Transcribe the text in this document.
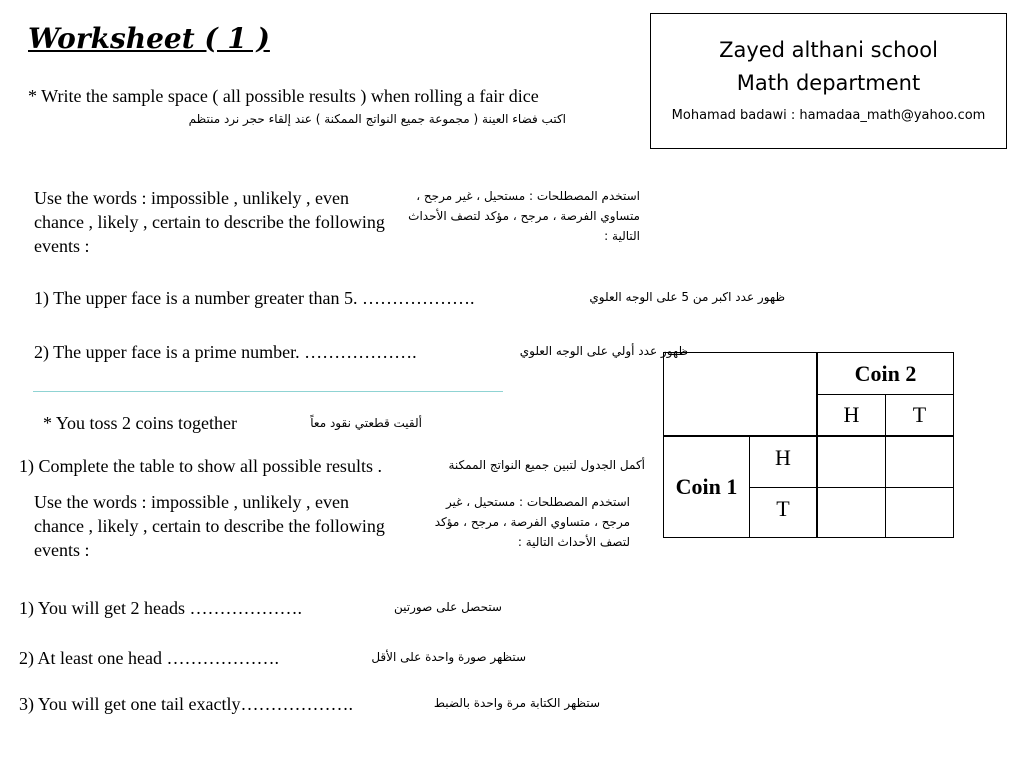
Worksheet ( 1 )
* Write the sample space ( all possible results ) when rolling a fair dice
اكتب فضاء العينة ( مجموعة جميع النواتج الممكنة ) عند إلقاء حجر نرد منتظم
Zayed althani school
Math department
Mohamad badawi : hamadaa_math@yahoo.com
Use the words : impossible , unlikely , even chance , likely , certain to describe the following events :
استخدم المصطلحات : مستحيل ، غير مرجح ، متساوي الفرصة ، مرجح ، مؤكد لتصف الأحداث التالية :
1) The upper face is a number greater than 5. ……………….	ظهور عدد اكبر من 5 على الوجه العلوي
2) The upper face is a prime number. ……………….	ظهور عدد أولي على الوجه العلوي
* You toss 2 coins together	ألقيت قطعتي نقود معاً
1) Complete the table to show all possible results .	أكمل الجدول لتبين جميع النواتج الممكنة
Use the words : impossible , unlikely , even chance , likely , certain to describe the following events :
استخدم المصطلحات : مستحيل ، غير مرجح ، متساوي الفرصة ، مرجح ، مؤكد لتصف الأحداث التالية :
1) You will get 2 heads ……………….	ستحصل على صورتين
2) At least one head ……………….	ستظهر صورة واحدة على الأقل
3) You will get one tail exactly……………….	ستظهر الكتابة مرة واحدة بالضبط
		Coin 2	
		H	T
Coin 1	H		
	T		
